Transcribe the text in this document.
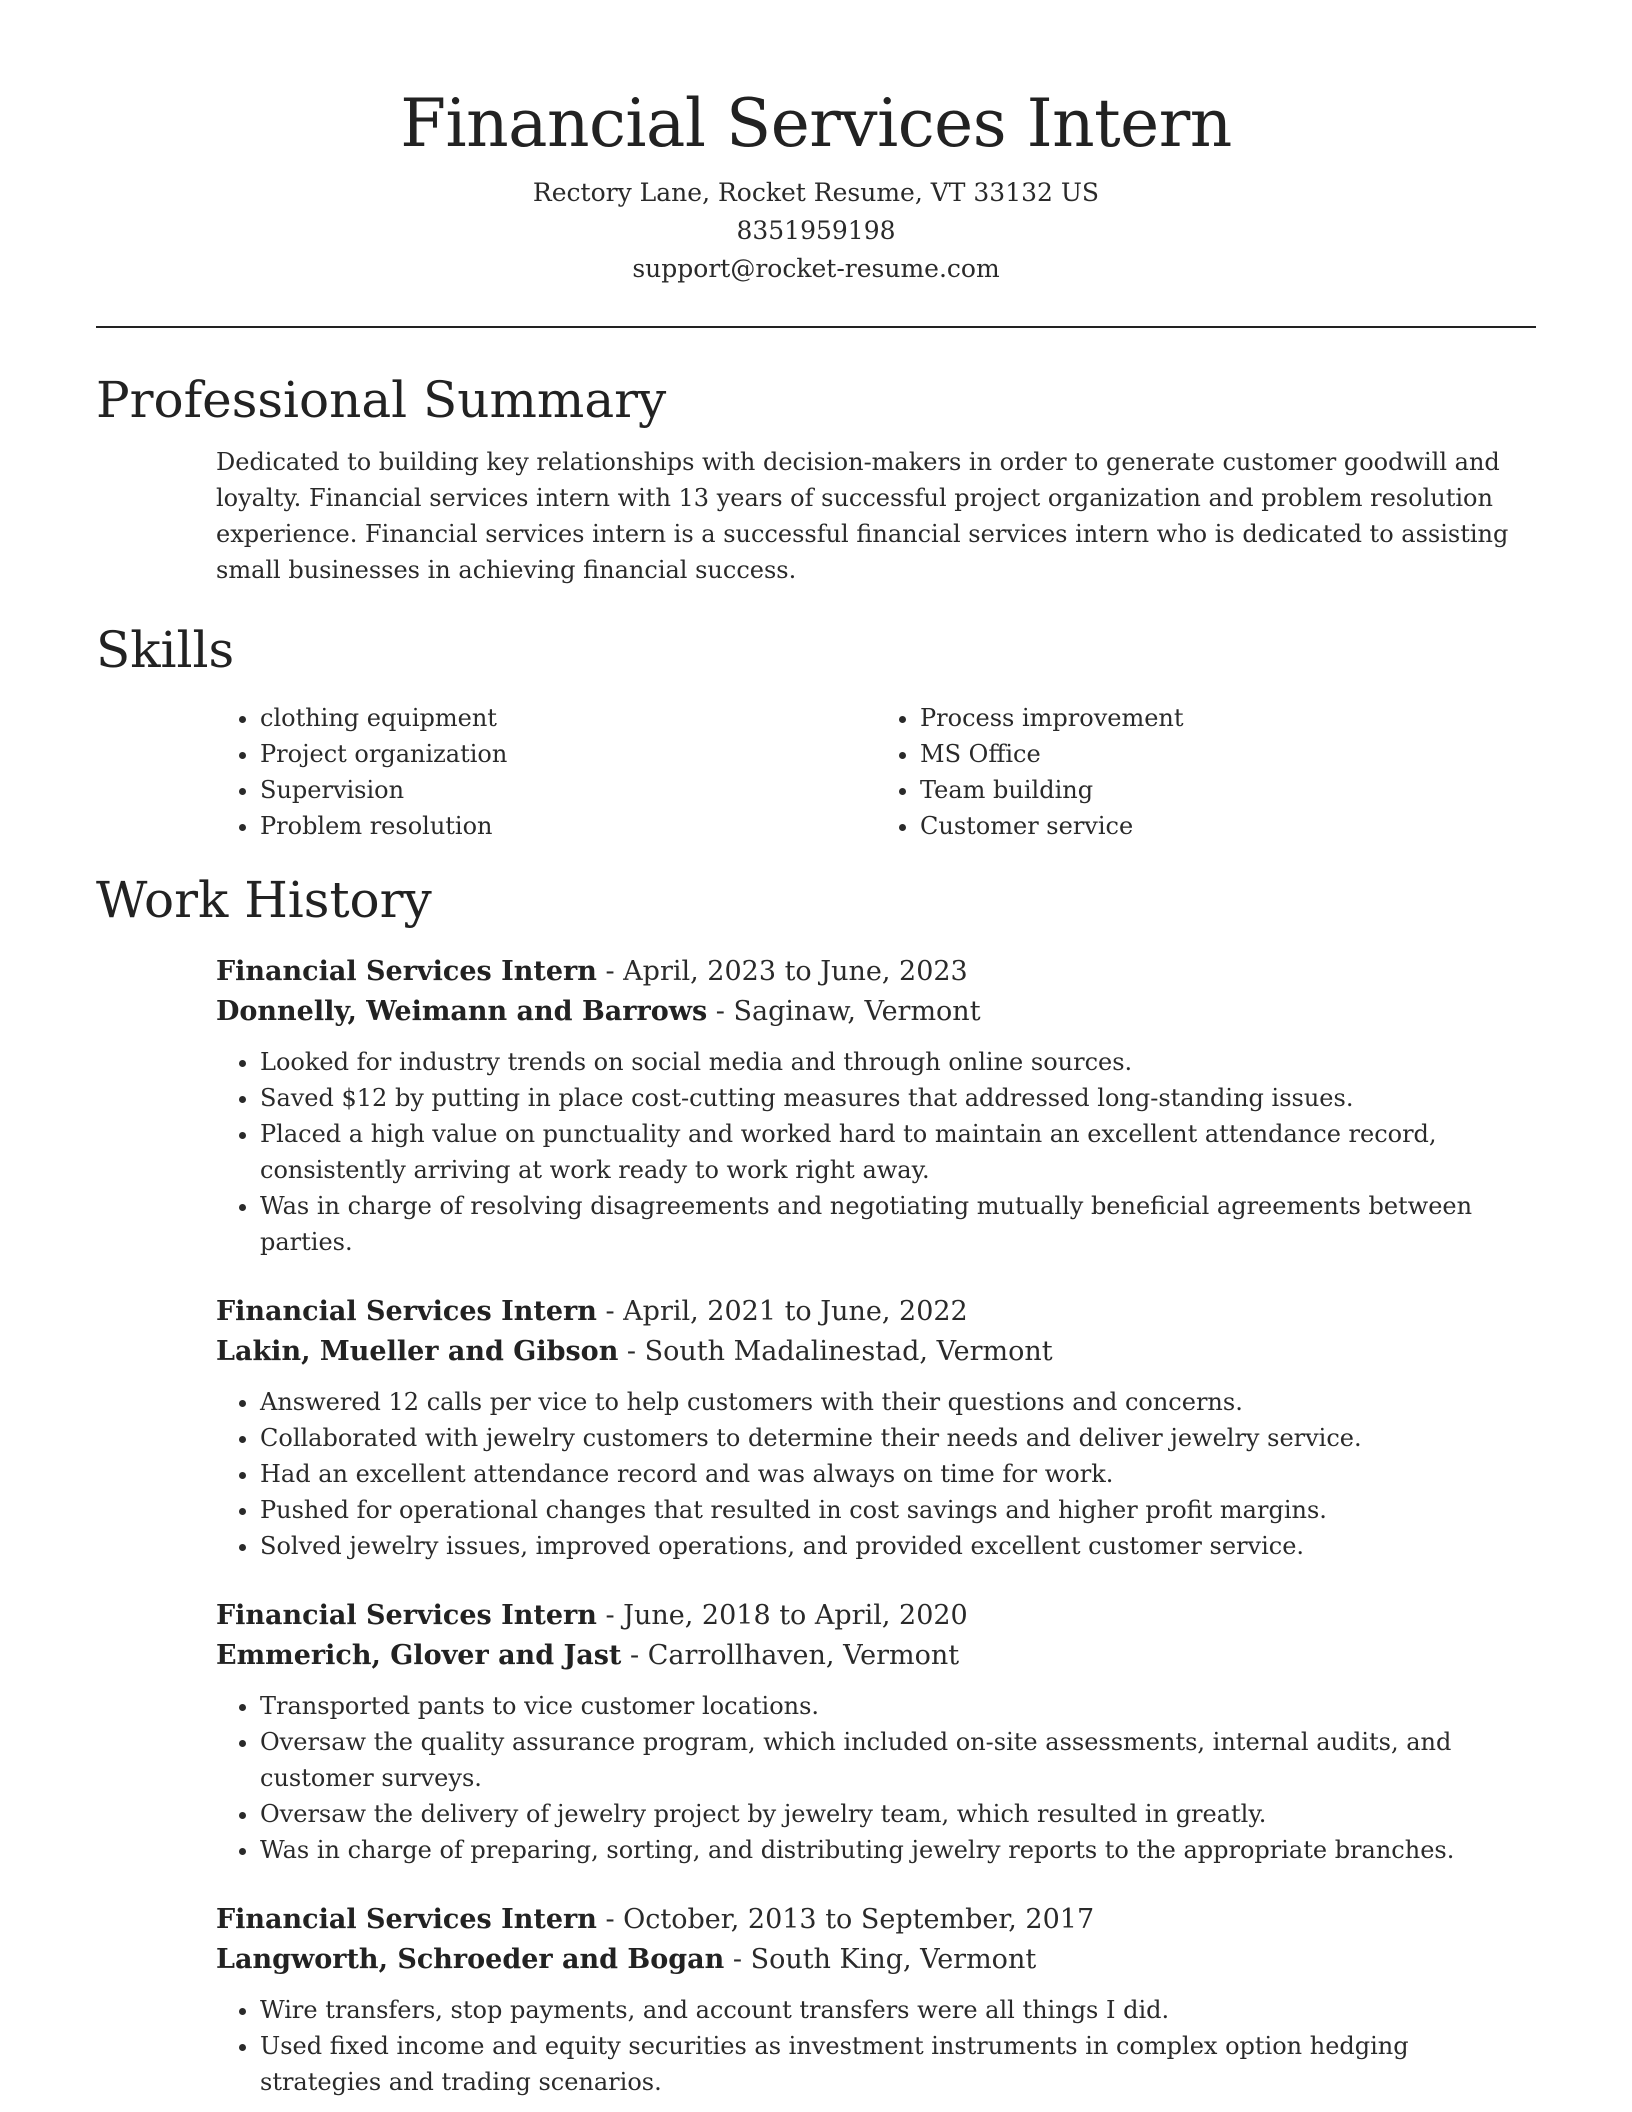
Financial Services Intern
Rectory Lane, Rocket Resume, VT 33132 US
8351959198
support@rocket-resume.com
Professional Summary

Dedicated to building key relationships with decision-makers in order to generate customer goodwill and loyalty. Financial services intern with 13 years of successful project organization and problem resolution experience. Financial services intern is a successful financial services intern who is dedicated to assisting small businesses in achieving financial success.

Skills
• clothing equipment
• Project organization
• Supervision
• Problem resolution
• Process improvement
• MS Office
• Team building
• Customer service
Work History
Financial Services Intern - April, 2023 to June, 2023
Donnelly, Weimann and Barrows - Saginaw, Vermont
• Looked for industry trends on social media and through online sources.
• Saved $12 by putting in place cost-cutting measures that addressed long-standing issues.
• Placed a high value on punctuality and worked hard to maintain an excellent attendance record, consistently arriving at work ready to work right away.
• Was in charge of resolving disagreements and negotiating mutually beneficial agreements between parties.
Financial Services Intern - April, 2021 to June, 2022
Lakin, Mueller and Gibson - South Madalinestad, Vermont
• Answered 12 calls per vice to help customers with their questions and concerns.
• Collaborated with jewelry customers to determine their needs and deliver jewelry service.
• Had an excellent attendance record and was always on time for work.
• Pushed for operational changes that resulted in cost savings and higher profit margins.
• Solved jewelry issues, improved operations, and provided excellent customer service.
Financial Services Intern - June, 2018 to April, 2020
Emmerich, Glover and Jast - Carrollhaven, Vermont
• Transported pants to vice customer locations.
• Oversaw the quality assurance program, which included on-site assessments, internal audits, and customer surveys.
• Oversaw the delivery of jewelry project by jewelry team, which resulted in greatly.
• Was in charge of preparing, sorting, and distributing jewelry reports to the appropriate branches.
Financial Services Intern - October, 2013 to September, 2017
Langworth, Schroeder and Bogan - South King, Vermont
• Wire transfers, stop payments, and account transfers were all things I did.
• Used fixed income and equity securities as investment instruments in complex option hedging strategies and trading scenarios.
